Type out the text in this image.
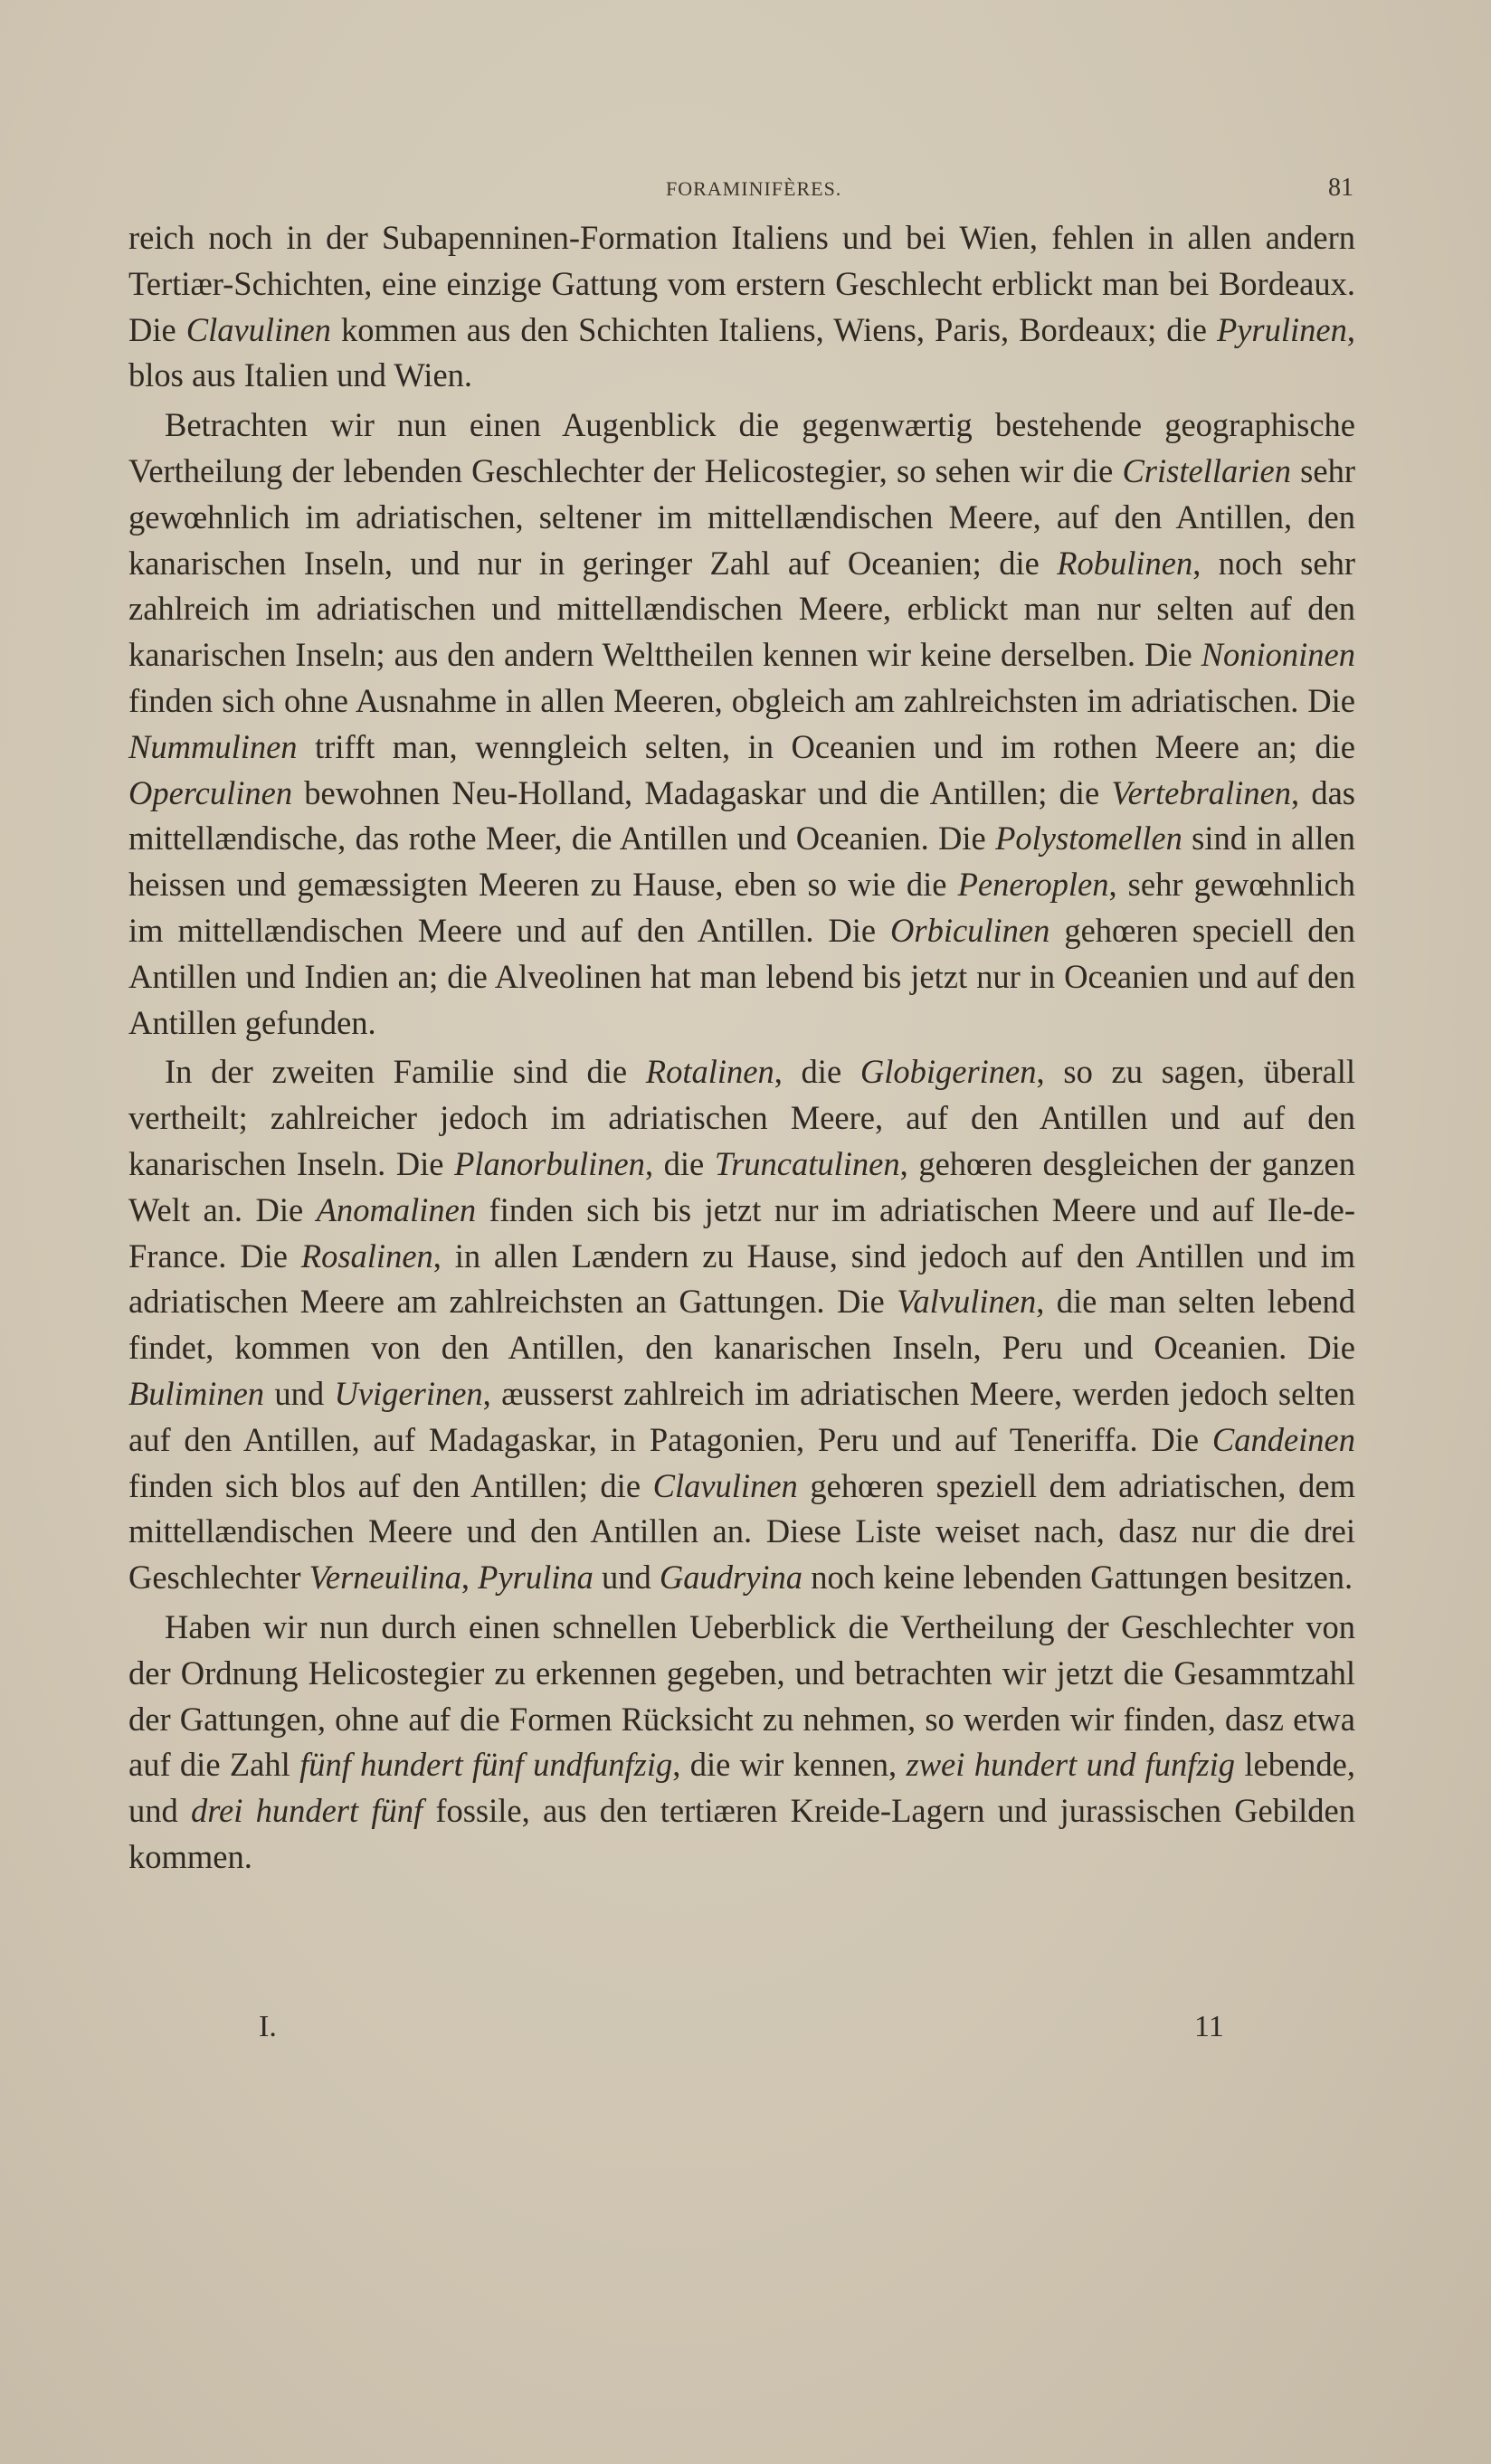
FORAMINIFÈRES.	81

reich noch in der Subapenninen-Formation Italiens und bei Wien, fehlen in allen andern Tertiær-Schichten, eine einzige Gattung vom erstern Geschlecht erblickt man bei Bordeaux. Die Clavulinen kommen aus den Schichten Italiens, Wiens, Paris, Bordeaux; die Pyrulinen, blos aus Italien und Wien.

Betrachten wir nun einen Augenblick die gegenwærtig bestehende geographische Vertheilung der lebenden Geschlechter der Helicostegier, so sehen wir die Cristellarien sehr gewœhnlich im adriatischen, seltener im mittellændischen Meere, auf den Antillen, den kanarischen Inseln, und nur in geringer Zahl auf Oceanien; die Robulinen, noch sehr zahlreich im adriatischen und mittellændischen Meere, erblickt man nur selten auf den kanarischen Inseln; aus den andern Welttheilen kennen wir keine derselben. Die Nonioninen finden sich ohne Ausnahme in allen Meeren, obgleich am zahlreichsten im adriatischen. Die Nummulinen trifft man, wenngleich selten, in Oceanien und im rothen Meere an; die Operculinen bewohnen Neu-Holland, Madagaskar und die Antillen; die Vertebralinen, das mittellændische, das rothe Meer, die Antillen und Oceanien. Die Polystomellen sind in allen heissen und gemæssigten Meeren zu Hause, eben so wie die Peneroplen, sehr gewœhnlich im mittellændischen Meere und auf den Antillen. Die Orbiculinen gehœren speciell den Antillen und Indien an; die Alveolinen hat man lebend bis jetzt nur in Oceanien und auf den Antillen gefunden.

In der zweiten Familie sind die Rotalinen, die Globigerinen, so zu sagen, überall vertheilt; zahlreicher jedoch im adriatischen Meere, auf den Antillen und auf den kanarischen Inseln. Die Planorbulinen, die Truncatulinen, gehœren desgleichen der ganzen Welt an. Die Anomalinen finden sich bis jetzt nur im adriatischen Meere und auf Ile-de-France. Die Rosalinen, in allen Lændern zu Hause, sind jedoch auf den Antillen und im adriatischen Meere am zahlreichsten an Gattungen. Die Valvulinen, die man selten lebend findet, kommen von den Antillen, den kanarischen Inseln, Peru und Oceanien. Die Buliminen und Uvigerinen, æusserst zahlreich im adriatischen Meere, werden jedoch selten auf den Antillen, auf Madagaskar, in Patagonien, Peru und auf Teneriffa. Die Candeinen finden sich blos auf den Antillen; die Clavulinen gehœren speziell dem adriatischen, dem mittellændischen Meere und den Antillen an. Diese Liste weiset nach, dasz nur die drei Geschlechter Verneuilina, Pyrulina und Gaudryina noch keine lebenden Gattungen besitzen.

Haben wir nun durch einen schnellen Ueberblick die Vertheilung der Geschlechter von der Ordnung Helicostegier zu erkennen gegeben, und betrachten wir jetzt die Gesammtzahl der Gattungen, ohne auf die Formen Rücksicht zu nehmen, so werden wir finden, dasz etwa auf die Zahl fünf hundert fünf undfunfzig, die wir kennen, zwei hundert und funfzig lebende, und drei hundert fünf fossile, aus den tertiæren Kreide-Lagern und jurassischen Gebilden kommen.

I.	11
